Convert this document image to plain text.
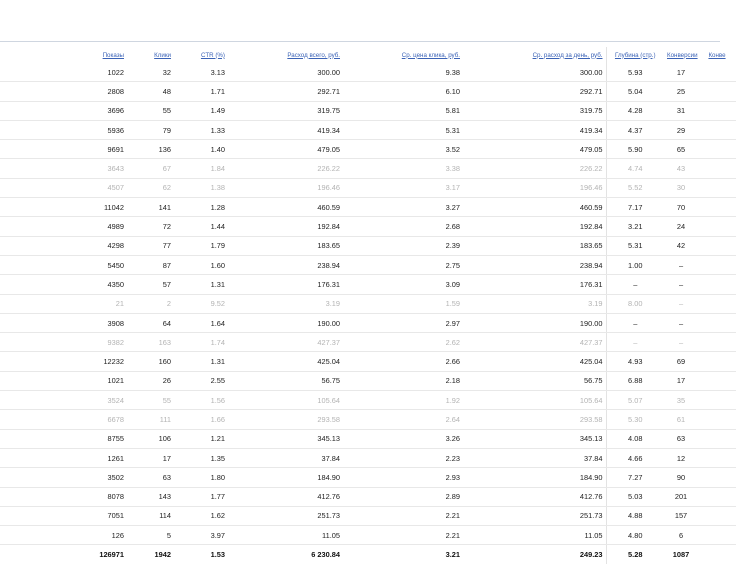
Показы	Клики	CTR (%)	Расход всего, руб.	Ср. цена клика, руб.	Ср. расход за день, руб.	Глубина (стр.)	Конверсии	Конве
1022	32	3.13	300.00	9.38	300.00	5.93	17	
2808	48	1.71	292.71	6.10	292.71	5.04	25	
3696	55	1.49	319.75	5.81	319.75	4.28	31	
5936	79	1.33	419.34	5.31	419.34	4.37	29	
9691	136	1.40	479.05	3.52	479.05	5.90	65	
3643	67	1.84	226.22	3.38	226.22	4.74	43	
4507	62	1.38	196.46	3.17	196.46	5.52	30	
11042	141	1.28	460.59	3.27	460.59	7.17	70	
4989	72	1.44	192.84	2.68	192.84	3.21	24	
4298	77	1.79	183.65	2.39	183.65	5.31	42	
5450	87	1.60	238.94	2.75	238.94	1.00	–	
4350	57	1.31	176.31	3.09	176.31	–	–	
21	2	9.52	3.19	1.59	3.19	8.00	–	
3908	64	1.64	190.00	2.97	190.00	–	–	
9382	163	1.74	427.37	2.62	427.37	–	–	
12232	160	1.31	425.04	2.66	425.04	4.93	69	
1021	26	2.55	56.75	2.18	56.75	6.88	17	
3524	55	1.56	105.64	1.92	105.64	5.07	35	
6678	111	1.66	293.58	2.64	293.58	5.30	61	
8755	106	1.21	345.13	3.26	345.13	4.08	63	
1261	17	1.35	37.84	2.23	37.84	4.66	12	
3502	63	1.80	184.90	2.93	184.90	7.27	90	
8078	143	1.77	412.76	2.89	412.76	5.03	201	
7051	114	1.62	251.73	2.21	251.73	4.88	157	
126	5	3.97	11.05	2.21	11.05	4.80	6	
126971	1942	1.53	6 230.84	3.21	249.23	5.28	1087	
